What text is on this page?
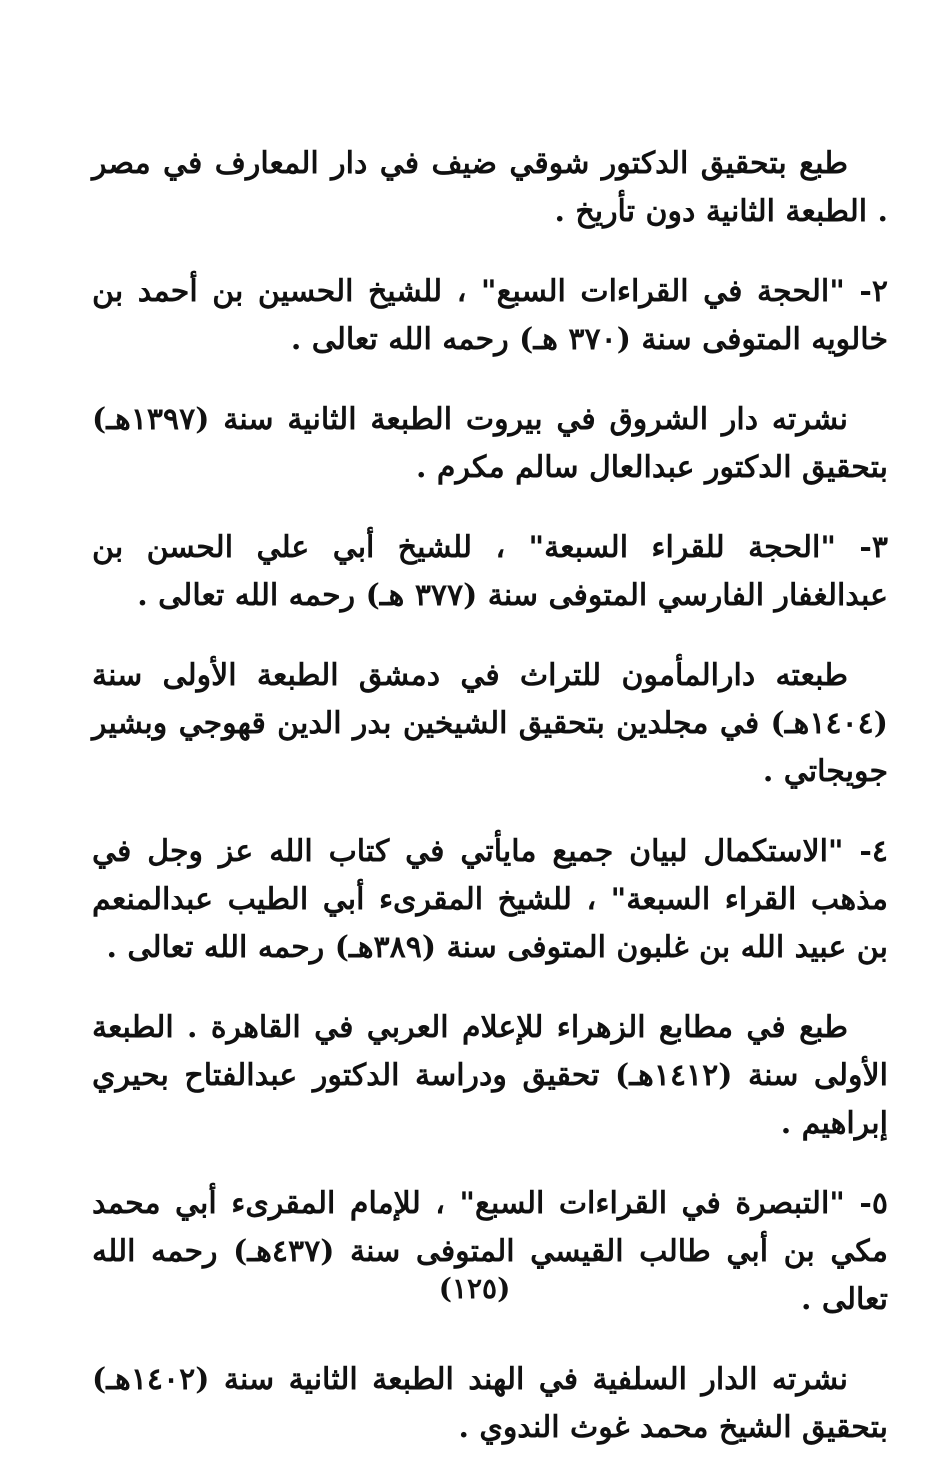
طبع بتحقيق الدكتور شوقي ضيف في دار المعارف في مصر . الطبعة الثانية دون تأريخ .

٢- "الحجة في القراءات السبع" ، للشيخ الحسين بن أحمد بن خالويه المتوفى سنة (٣٧٠ هـ) رحمه الله تعالى .

نشرته دار الشروق في بيروت الطبعة الثانية سنة (١٣٩٧هـ) بتحقيق الدكتور عبدالعال سالم مكرم .

٣- "الحجة للقراء السبعة" ، للشيخ أبي علي الحسن بن عبدالغفار الفارسي المتوفى سنة (٣٧٧ هـ) رحمه الله تعالى .

طبعته دارالمأمون للتراث في دمشق الطبعة الأولى سنة (١٤٠٤هـ) في مجلدين بتحقيق الشيخين بدر الدين قهوجي وبشير جويجاتي .

٤- "الاستكمال لبيان جميع مايأتي في كتاب الله عز وجل في مذهب القراء السبعة" ، للشيخ المقرىء أبي الطيب عبدالمنعم بن عبيد الله بن غلبون المتوفى سنة (٣٨٩هـ) رحمه الله تعالى .

طبع في مطابع الزهراء للإعلام العربي في القاهرة . الطبعة الأولى سنة (١٤١٢هـ) تحقيق ودراسة الدكتور عبدالفتاح بحيري إبراهيم .

٥- "التبصرة في القراءات السبع" ، للإمام المقرىء أبي محمد مكي بن أبي طالب القيسي المتوفى سنة (٤٣٧هـ) رحمه الله تعالى .

نشرته الدار السلفية في الهند الطبعة الثانية سنة (١٤٠٢هـ) بتحقيق الشيخ محمد غوث الندوي .

(١٢٥)
